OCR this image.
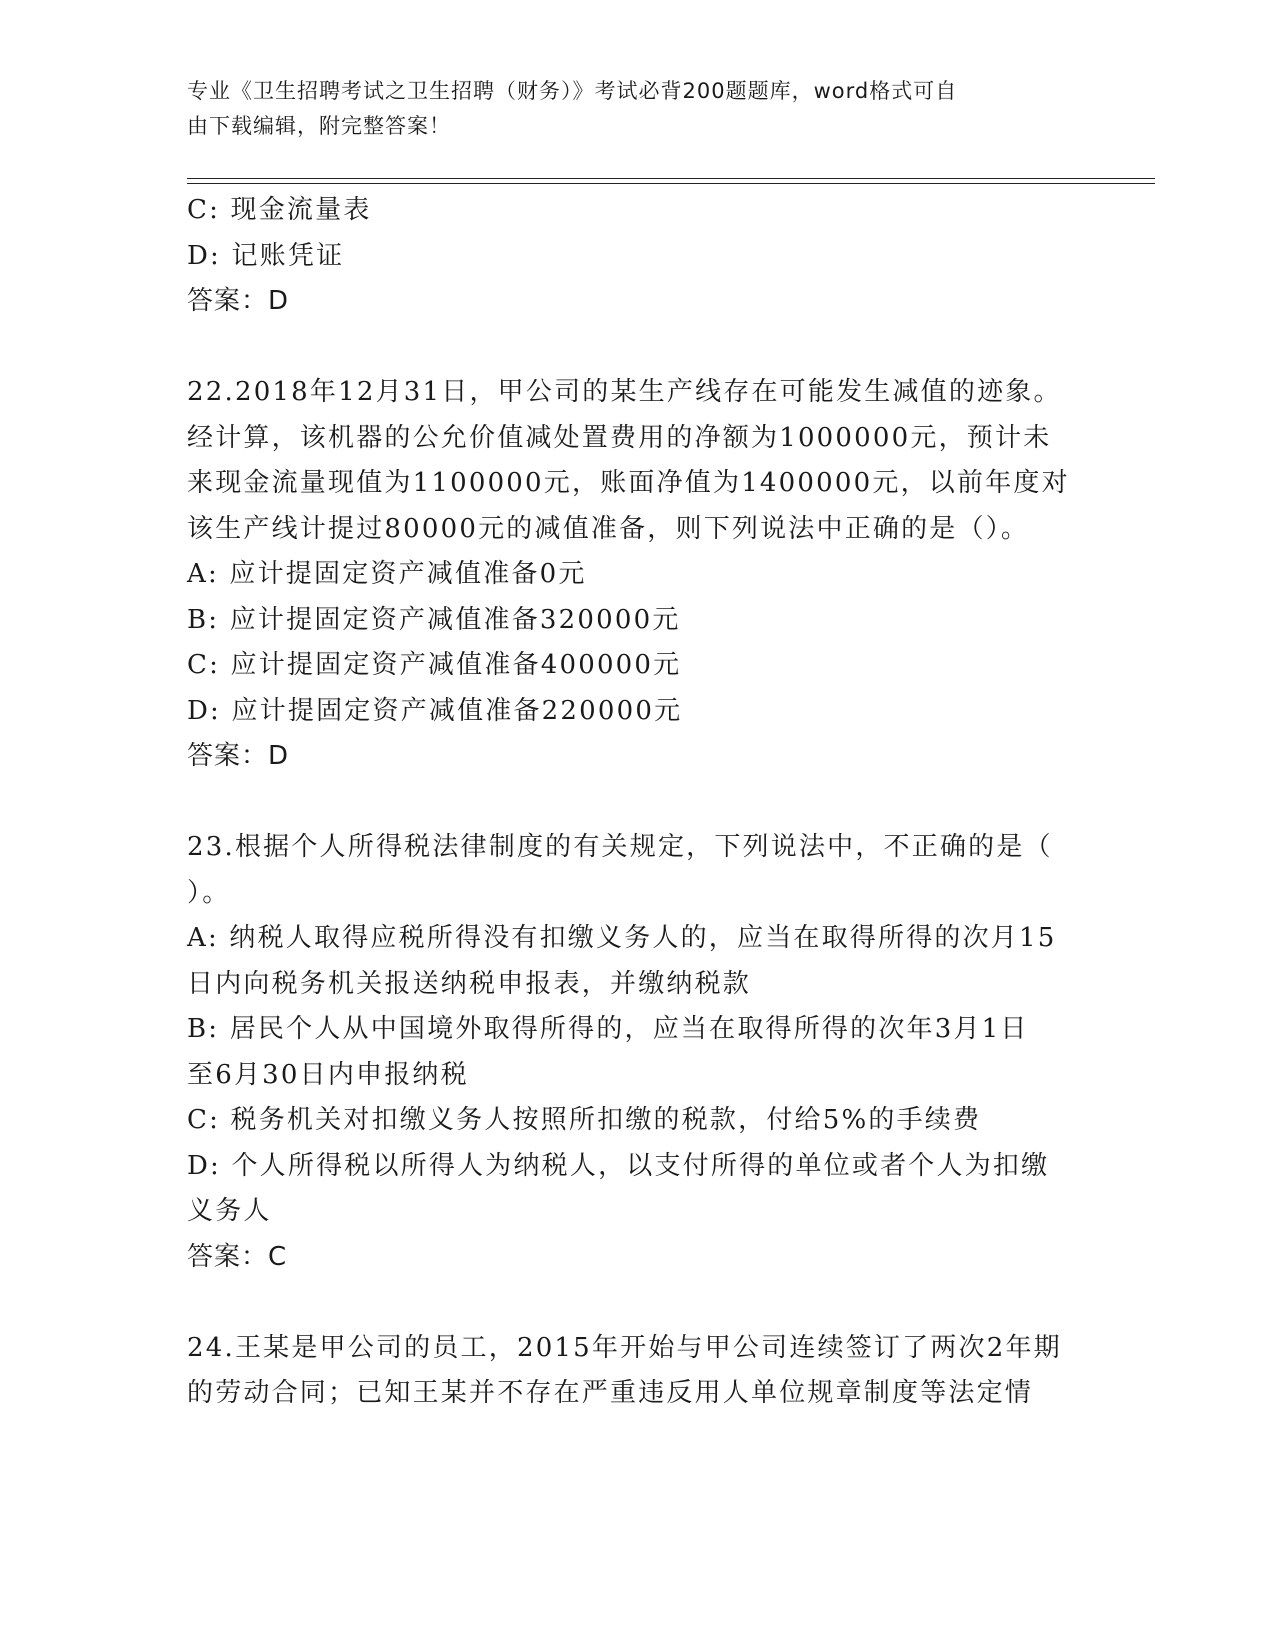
专业《卫生招聘考试之卫生招聘（财务）》考试必背200题题库，word格式可自
由下载编辑，附完整答案！

C: 现金流量表

D: 记账凭证

答案：D

22.2018年12月31日，甲公司的某生产线存在可能发生减值的迹象。

经计算，该机器的公允价值减处置费用的净额为1000000元，预计未

来现金流量现值为1100000元，账面净值为1400000元，以前年度对

该生产线计提过80000元的减值准备，则下列说法中正确的是（）。

A: 应计提固定资产减值准备0元

B: 应计提固定资产减值准备320000元

C: 应计提固定资产减值准备400000元

D: 应计提固定资产减值准备220000元

答案：D

23.根据个人所得税法律制度的有关规定，下列说法中，不正确的是（

）。

A: 纳税人取得应税所得没有扣缴义务人的，应当在取得所得的次月15

日内向税务机关报送纳税申报表，并缴纳税款

B: 居民个人从中国境外取得所得的，应当在取得所得的次年3月1日

至6月30日内申报纳税

C: 税务机关对扣缴义务人按照所扣缴的税款，付给5%的手续费

D: 个人所得税以所得人为纳税人，以支付所得的单位或者个人为扣缴

义务人

答案：C

24.王某是甲公司的员工，2015年开始与甲公司连续签订了两次2年期

的劳动合同；已知王某并不存在严重违反用人单位规章制度等法定情
